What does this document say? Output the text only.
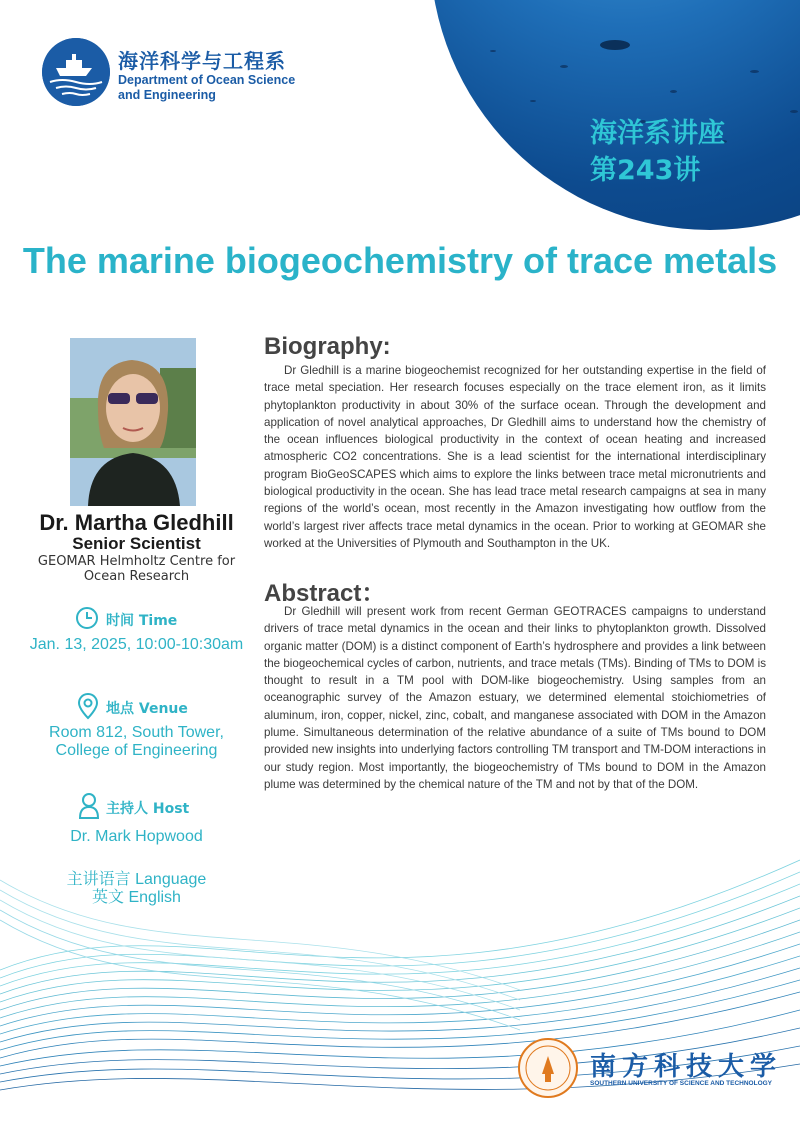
海洋系讲座
第243讲
海洋科学与工程系
Department of Ocean Science
and Engineering
The marine biogeochemistry of trace metals
Dr. Martha Gledhill
Senior Scientist
GEOMAR Helmholtz Centre for
Ocean Research
时间 Time
Jan. 13, 2025, 10:00-10:30am
地点 Venue
Room 812, South Tower,
College of Engineering
主持人 Host
Dr. Mark Hopwood
主讲语言 Language
英文 English
Biography:

Dr Gledhill is a marine biogeochemist recognized for her outstanding expertise in the field of trace metal speciation. Her research focuses especially on the trace element iron, as it limits phytoplankton productivity in about 30% of the surface ocean. Through the development and application of novel analytical approaches, Dr Gledhill aims to understand how the chemistry of the ocean influences biological productivity in the context of ocean heating and increased atmospheric CO2 concentrations. She is a lead scientist for the international interdisciplinary program BioGeoSCAPES which aims to explore the links between trace metal micronutrients and biological productivity in the ocean. She has lead trace metal research campaigns at sea in many regions of the world’s ocean, most recently in the Amazon investigating how outflow from the world’s largest river affects trace metal dynamics in the ocean. Prior to working at GEOMAR she worked at the Universities of Plymouth and Southampton in the UK.

Abstract：

Dr Gledhill will present work from recent German GEOTRACES campaigns to understand drivers of trace metal dynamics in the ocean and their links to phytoplankton growth. Dissolved organic matter (DOM) is a distinct component of Earth’s hydrosphere and provides a link between the biogeochemical cycles of carbon, nutrients, and trace metals (TMs). Binding of TMs to DOM is thought to result in a TM pool with DOM-like biogeochemistry. Using samples from an oceanographic survey of the Amazon estuary, we determined elemental stoichiometries of aluminum, iron, copper, nickel, zinc, cobalt, and manganese associated with DOM in the Amazon plume. Simultaneous determination of the relative abundance of a suite of TMs bound to DOM provided new insights into underlying factors controlling TM transport and TM-DOM interactions in our study region. Most importantly, the biogeochemistry of TMs bound to DOM in the Amazon plume was determined by the chemical nature of the TM and not by that of the DOM.

南方科技大学
SOUTHERN UNIVERSITY OF SCIENCE AND TECHNOLOGY
